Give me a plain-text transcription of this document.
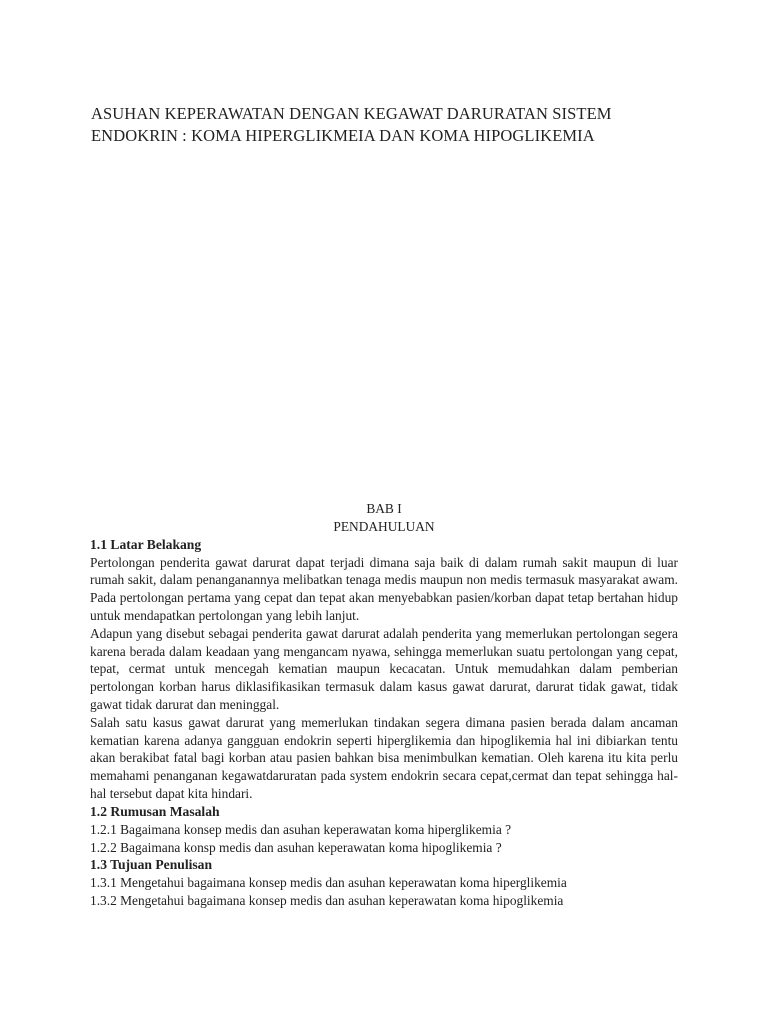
ASUHAN KEPERAWATAN DENGAN KEGAWAT DARURATAN SISTEM
ENDOKRIN : KOMA HIPERGLIKMEIA DAN KOMA HIPOGLIKEMIA
BAB I
PENDAHULUAN
1.1 Latar Belakang

Pertolongan penderita gawat darurat dapat terjadi dimana saja baik di dalam rumah sakit maupun di luar rumah sakit, dalam penanganannya melibatkan tenaga medis maupun non medis termasuk masyarakat awam. Pada pertolongan pertama yang cepat dan tepat akan menyebabkan pasien/korban dapat tetap bertahan hidup untuk mendapatkan pertolongan yang lebih lanjut.

Adapun yang disebut sebagai penderita gawat darurat adalah penderita yang memerlukan pertolongan segera karena berada dalam keadaan yang mengancam nyawa, sehingga memerlukan suatu pertolongan yang cepat, tepat, cermat untuk mencegah kematian maupun kecacatan. Untuk memudahkan dalam pemberian pertolongan korban harus diklasifikasikan termasuk dalam kasus gawat darurat, darurat tidak gawat, tidak gawat tidak darurat dan meninggal.

Salah satu kasus gawat darurat yang memerlukan tindakan segera dimana pasien berada dalam ancaman kematian karena adanya gangguan endokrin seperti hiperglikemia dan hipoglikemia hal ini dibiarkan tentu akan berakibat fatal bagi korban atau pasien bahkan bisa menimbulkan kematian. Oleh karena itu kita perlu memahami penanganan kegawatdaruratan pada system endokrin secara cepat,cermat dan tepat sehingga hal-hal tersebut dapat kita hindari.

1.2 Rumusan Masalah
1.2.1 Bagaimana konsep medis dan asuhan keperawatan koma hiperglikemia ?
1.2.2 Bagaimana konsp medis dan asuhan keperawatan koma hipoglikemia ?
1.3 Tujuan Penulisan
1.3.1 Mengetahui bagaimana konsep medis dan asuhan keperawatan koma hiperglikemia
1.3.2 Mengetahui bagaimana konsep medis dan asuhan keperawatan koma hipoglikemia
